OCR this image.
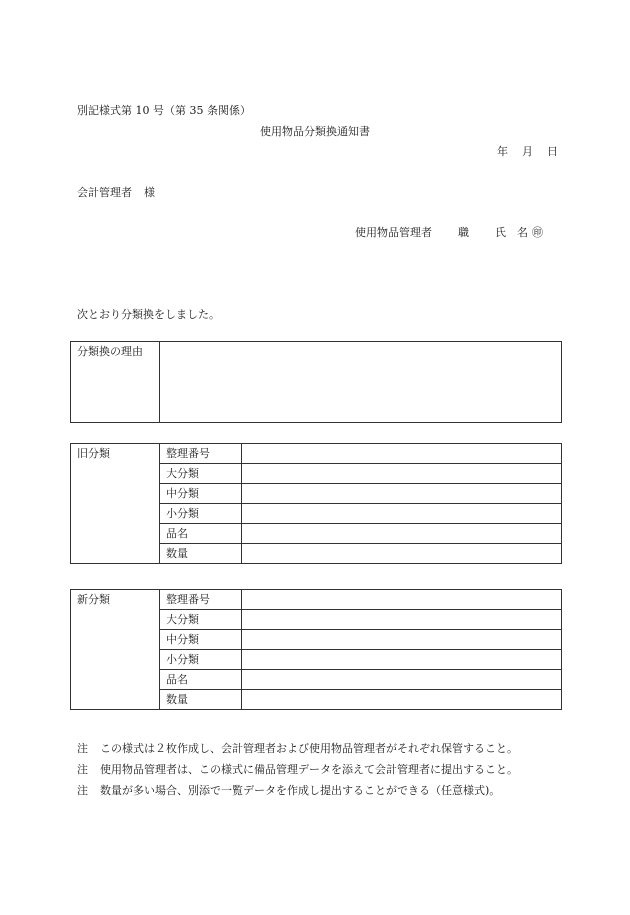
別記様式第 10 号（第 35 条関係）
使用物品分類換通知書
年 月 日
会計管理者 様
使用物品管理者 職 氏　名 ㊞
次とおり分類換をしました。
分類換の理由	
旧分類	整理番号	
	大分類	
	中分類	
	小分類	
	品名	
	数量	
新分類	整理番号	
	大分類	
	中分類	
	小分類	
	品名	
	数量	
注 この様式は２枚作成し、会計管理者および使用物品管理者がそれぞれ保管すること。
注 使用物品管理者は、この様式に備品管理データを添えて会計管理者に提出すること。
注 数量が多い場合、別添で一覧データを作成し提出することができる（任意様式)。
